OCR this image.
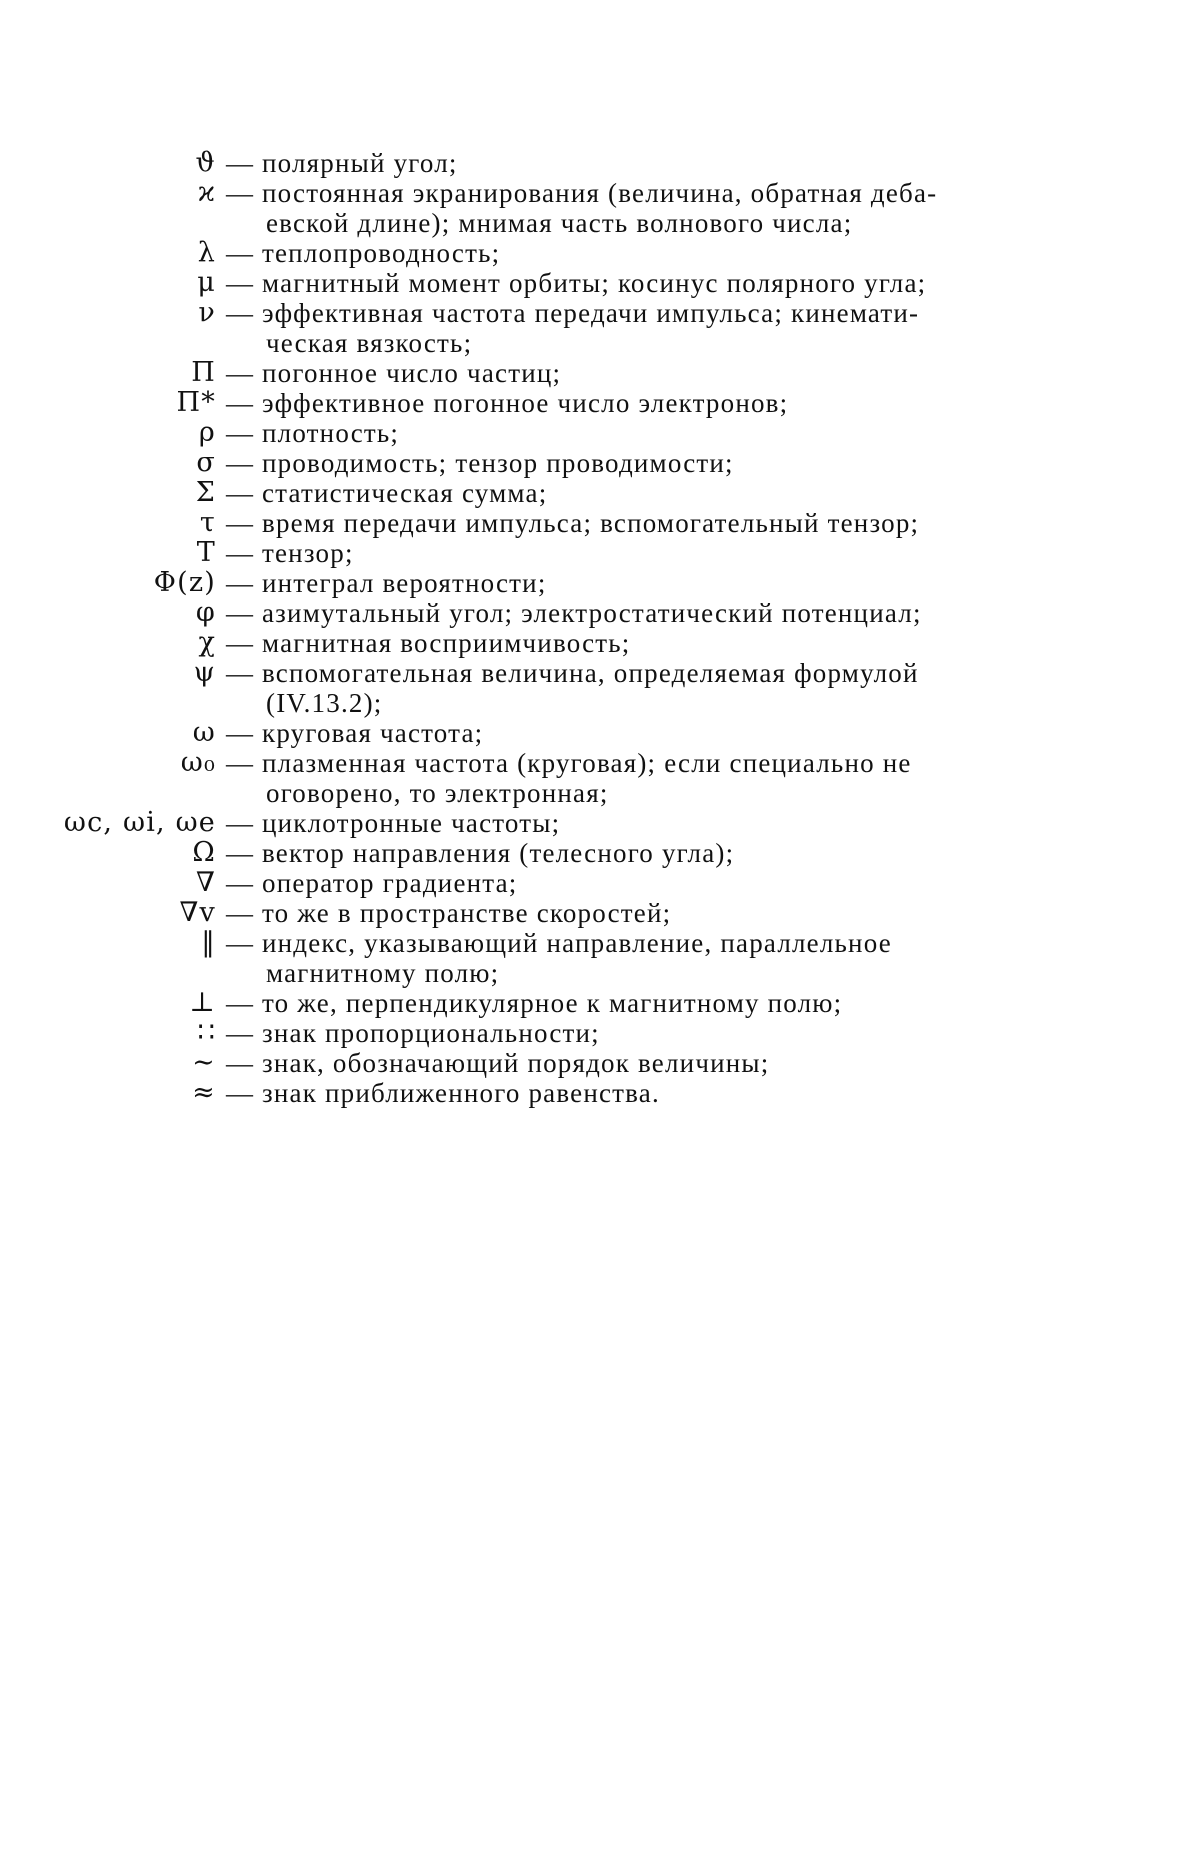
ϑ — полярный угол;
ϰ — постоянная экранирования (величина, обратная деба-
евской длине); мнимая часть волнового числа;
λ — теплопроводность;
μ — магнитный момент орбиты; косинус полярного угла;
ν — эффективная частота передачи импульса; кинемати-
ческая вязкость;
Π — погонное число частиц;
Π* — эффективное погонное число электронов;
ρ — плотность;
σ — проводимость; тензор проводимости;
Σ — статистическая сумма;
τ — время передачи импульса; вспомогательный тензор;
T — тензор;
Φ(z) — интеграл вероятности;
φ — азимутальный угол; электростатический потенциал;
χ — магнитная восприимчивость;
ψ — вспомогательная величина, определяемая формулой
(IV.13.2);
ω — круговая частота;
ω₀ — плазменная частота (круговая); если специально не
оговорено, то электронная;
ωc, ωi, ωe — циклотронные частоты;
Ω — вектор направления (телесного угла);
∇ — оператор градиента;
∇v — то же в пространстве скоростей;
‖ — индекс, указывающий направление, параллельное
магнитному полю;
⊥ — то же, перпендикулярное к магнитному полю;
∷ — знак пропорциональности;
∼ — знак, обозначающий порядок величины;
≈ — знак приближенного равенства.
